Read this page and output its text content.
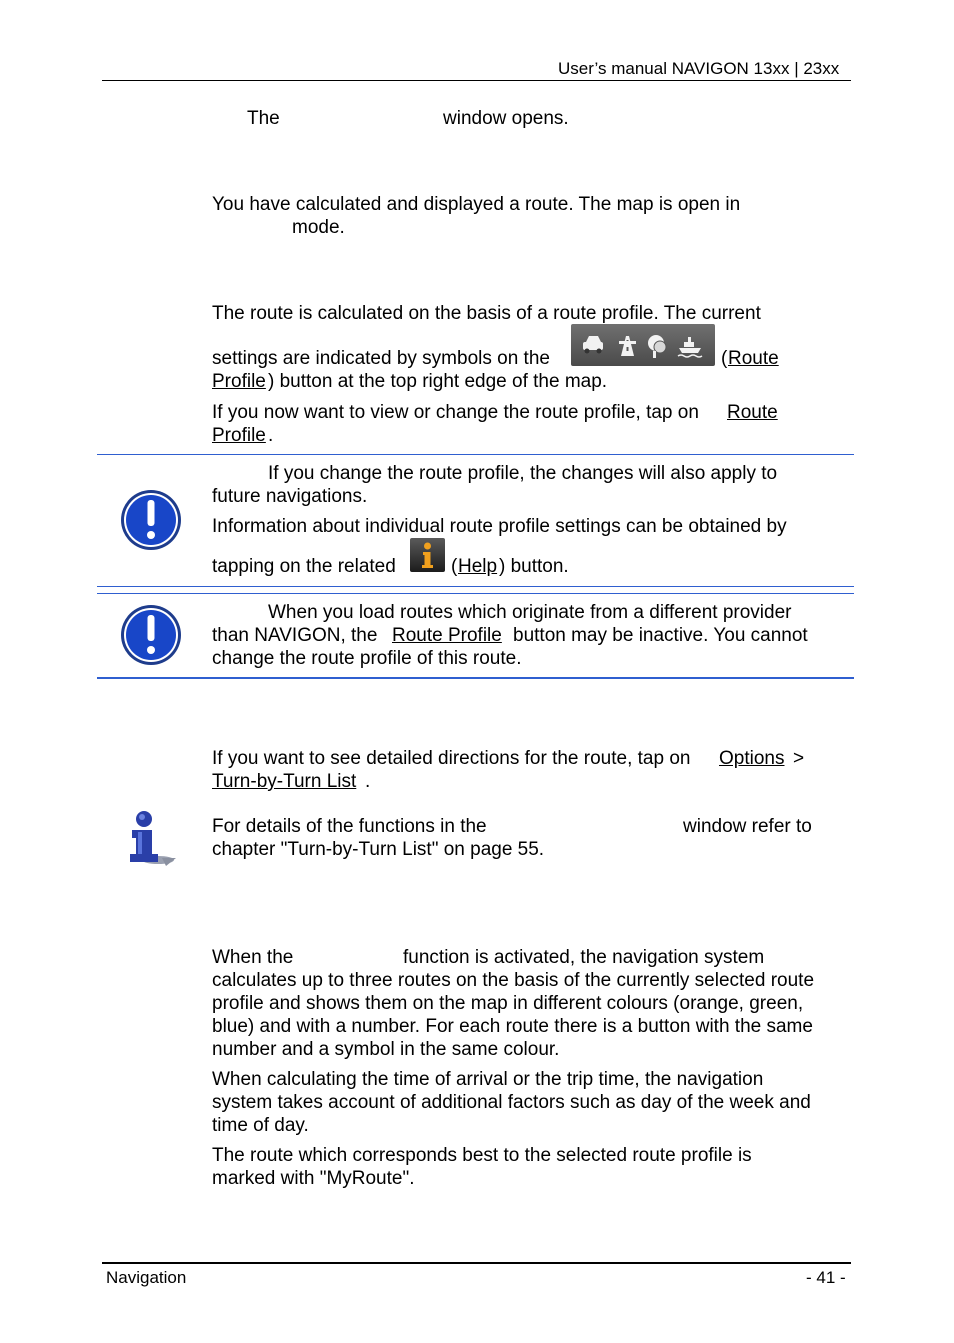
User’s manual NAVIGON 13xx | 23xx
The	window opens.
You have calculated and displayed a route. The map is open in
mode.
The route is calculated on the basis of a route profile. The current
settings are indicated by symbols on the	( Route
Profile ) button at the top right edge of the map.
If you now want to view or change the route profile, tap on Route
Profile .
If you change the route profile, the changes will also apply to
future navigations.
Information about individual route profile settings can be obtained by
tapping on the related	( Help ) button.
When you load routes which originate from a different provider
than NAVIGON, the Route Profile button may be inactive. You cannot
change the route profile of this route.
If you want to see detailed directions for the route, tap on Options >
Turn-by-Turn List .
For details of the functions in the	window refer to
chapter "Turn-by-Turn List" on page 55.
When the	function is activated, the navigation system
calculates up to three routes on the basis of the currently selected route
profile and shows them on the map in different colours (orange, green,
blue) and with a number. For each route there is a button with the same
number and a symbol in the same colour.
When calculating the time of arrival or the trip time, the navigation
system takes account of additional factors such as day of the week and
time of day.
The route which corresponds best to the selected route profile is
marked with "MyRoute".
Navigation	- 41 -
